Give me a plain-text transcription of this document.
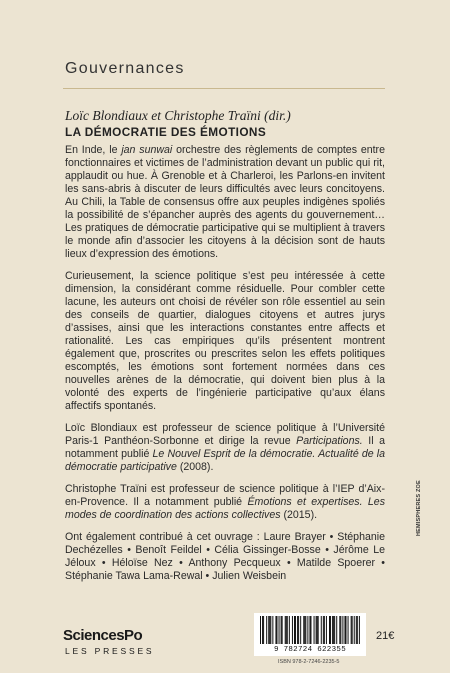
Gouvernances
Loïc Blondiaux et Christophe Traïni (dir.)
LA DÉMOCRATIE DES ÉMOTIONS

En Inde, le jan sunwai orchestre des règlements de comptes entre fonctionnaires et victimes de l’administration devant un public qui rit, applaudit ou hue. À Grenoble et à Charleroi, les Parlons-en invitent les sans-abris à discuter de leurs difficultés avec leurs concitoyens. Au Chili, la Table de consensus offre aux peuples indigènes spoliés la possibilité de s’épancher auprès des agents du gouvernement… Les pratiques de démocratie participative qui se multiplient à travers le monde afin d’associer les citoyens à la décision sont de hauts lieux d’expression des émotions.

Curieusement, la science politique s’est peu intéressée à cette dimension, la considérant comme résiduelle. Pour combler cette lacune, les auteurs ont choisi de révéler son rôle essentiel au sein des conseils de quartier, dialogues citoyens et autres jurys d’assises, ainsi que les interactions constantes entre affects et rationalité. Les cas empiriques qu’ils présentent montrent également que, proscrites ou prescrites selon les effets politiques escomptés, les émotions sont fortement normées dans ces nouvelles arènes de la démocratie, qui doivent bien plus à la volonté des experts de l’ingénierie participative qu’aux élans affectifs spontanés.

Loïc Blondiaux est professeur de science politique à l’Université Paris-1 Panthéon-Sorbonne et dirige la revue Participations. Il a notamment publié Le Nouvel Esprit de la démocratie. Actualité de la démocratie participative (2008).

Christophe Traïni est professeur de science politique à l’IEP d’Aix-en-Provence. Il a notamment publié Émotions et expertises. Les modes de coordination des actions collectives (2015).

Ont également contribué à cet ouvrage : Laure Brayer • Stéphanie Dechézelles • Benoît Feildel • Célia Gissinger-Bosse • Jérôme Le Jéloux • Héloïse Nez • Anthony Pecqueux • Matilde Spoerer • Stéphanie Tawa Lama-Rewal • Julien Weisbein

HEMISPHERES ZOE
SciencesPo
LES PRESSES	9 782724 622355
21€
ISBN 978-2-7246-2235-5
